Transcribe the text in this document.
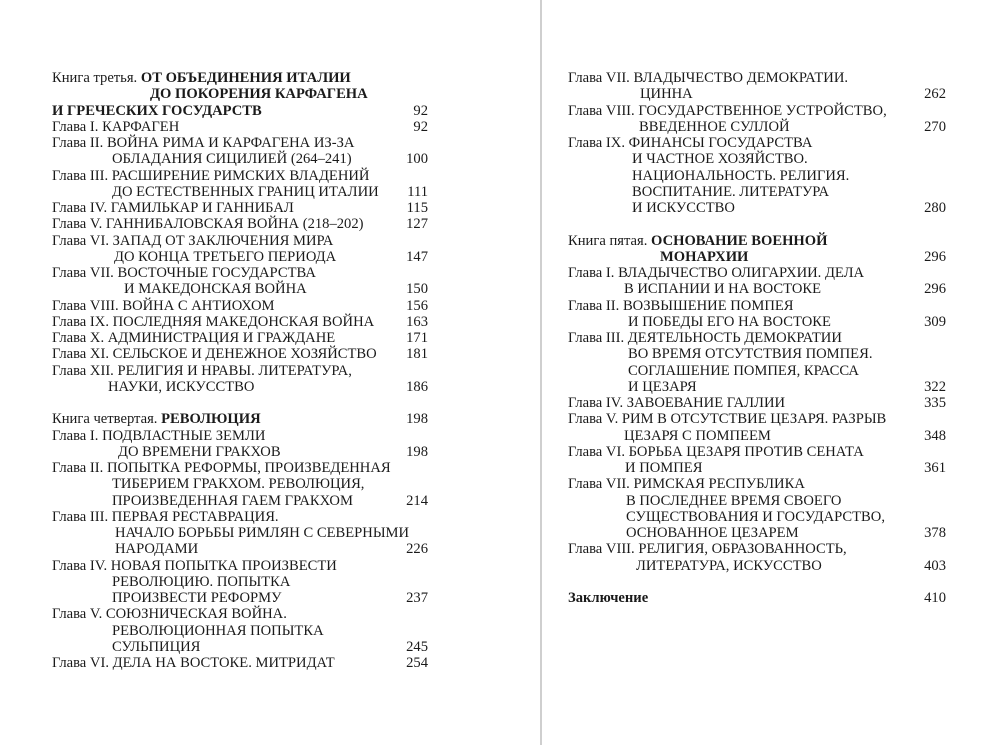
Книга третья. ОТ ОБЪЕДИНЕНИЯ ИТАЛИИ
ДО ПОКОРЕНИЯ КАРФАГЕНА
И ГРЕЧЕСКИХ ГОСУДАРСТВ	92
Глава I. КАРФАГЕН	92
Глава II. ВОЙНА РИМА И КАРФАГЕНА ИЗ-ЗА
ОБЛАДАНИЯ СИЦИЛИЕЙ (264–241)	100
Глава III. РАСШИРЕНИЕ РИМСКИХ ВЛАДЕНИЙ
ДО ЕСТЕСТВЕННЫХ ГРАНИЦ ИТАЛИИ	111
Глава IV. ГАМИЛЬКАР И ГАННИБАЛ	115
Глава V. ГАННИБАЛОВСКАЯ ВОЙНА (218–202)	127
Глава VI. ЗАПАД ОТ ЗАКЛЮЧЕНИЯ МИРА
ДО КОНЦА ТРЕТЬЕГО ПЕРИОДА	147
Глава VII. ВОСТОЧНЫЕ ГОСУДАРСТВА
И МАКЕДОНСКАЯ ВОЙНА	150
Глава VIII. ВОЙНА С АНТИОХОМ	156
Глава IX. ПОСЛЕДНЯЯ МАКЕДОНСКАЯ ВОЙНА	163
Глава X. АДМИНИСТРАЦИЯ И ГРАЖДАНЕ	171
Глава XI. СЕЛЬСКОЕ И ДЕНЕЖНОЕ ХОЗЯЙСТВО	181
Глава XII. РЕЛИГИЯ И НРАВЫ. ЛИТЕРАТУРА,
НАУКИ, ИСКУССТВО	186
Книга четвертая. РЕВОЛЮЦИЯ	198
Глава I. ПОДВЛАСТНЫЕ ЗЕМЛИ
ДО ВРЕМЕНИ ГРАКХОВ	198
Глава II. ПОПЫТКА РЕФОРМЫ, ПРОИЗВЕДЕННАЯ
ТИБЕРИЕМ ГРАКХОМ. РЕВОЛЮЦИЯ,
ПРОИЗВЕДЕННАЯ ГАЕМ ГРАКХОМ	214
Глава III. ПЕРВАЯ РЕСТАВРАЦИЯ.
НАЧАЛО БОРЬБЫ РИМЛЯН С СЕВЕРНЫМИ
НАРОДАМИ	226
Глава IV. НОВАЯ ПОПЫТКА ПРОИЗВЕСТИ
РЕВОЛЮЦИЮ. ПОПЫТКА
ПРОИЗВЕСТИ РЕФОРМУ	237
Глава V. СОЮЗНИЧЕСКАЯ ВОЙНА.
РЕВОЛЮЦИОННАЯ ПОПЫТКА
СУЛЬПИЦИЯ	245
Глава VI. ДЕЛА НА ВОСТОКЕ. МИТРИДАТ	254
Глава VII. ВЛАДЫЧЕСТВО ДЕМОКРАТИИ.
ЦИННА	262
Глава VIII. ГОСУДАРСТВЕННОЕ УСТРОЙСТВО,
ВВЕДЕННОЕ СУЛЛОЙ	270
Глава IX. ФИНАНСЫ ГОСУДАРСТВА
И ЧАСТНОЕ ХОЗЯЙСТВО.
НАЦИОНАЛЬНОСТЬ. РЕЛИГИЯ.
ВОСПИТАНИЕ. ЛИТЕРАТУРА
И ИСКУССТВО	280
Книга пятая. ОСНОВАНИЕ ВОЕННОЙ
МОНАРХИИ	296
Глава I. ВЛАДЫЧЕСТВО ОЛИГАРХИИ. ДЕЛА
В ИСПАНИИ И НА ВОСТОКЕ	296
Глава II. ВОЗВЫШЕНИЕ ПОМПЕЯ
И ПОБЕДЫ ЕГО НА ВОСТОКЕ	309
Глава III. ДЕЯТЕЛЬНОСТЬ ДЕМОКРАТИИ
ВО ВРЕМЯ ОТСУТСТВИЯ ПОМПЕЯ.
СОГЛАШЕНИЕ ПОМПЕЯ, КРАССА
И ЦЕЗАРЯ	322
Глава IV. ЗАВОЕВАНИЕ ГАЛЛИИ	335
Глава V. РИМ В ОТСУТСТВИЕ ЦЕЗАРЯ. РАЗРЫВ
ЦЕЗАРЯ С ПОМПЕЕМ	348
Глава VI. БОРЬБА ЦЕЗАРЯ ПРОТИВ СЕНАТА
И ПОМПЕЯ	361
Глава VII. РИМСКАЯ РЕСПУБЛИКА
В ПОСЛЕДНЕЕ ВРЕМЯ СВОЕГО
СУЩЕСТВОВАНИЯ И ГОСУДАРСТВО,
ОСНОВАННОЕ ЦЕЗАРЕМ	378
Глава VIII. РЕЛИГИЯ, ОБРАЗОВАННОСТЬ,
ЛИТЕРАТУРА, ИСКУССТВО	403
Заключение	410
